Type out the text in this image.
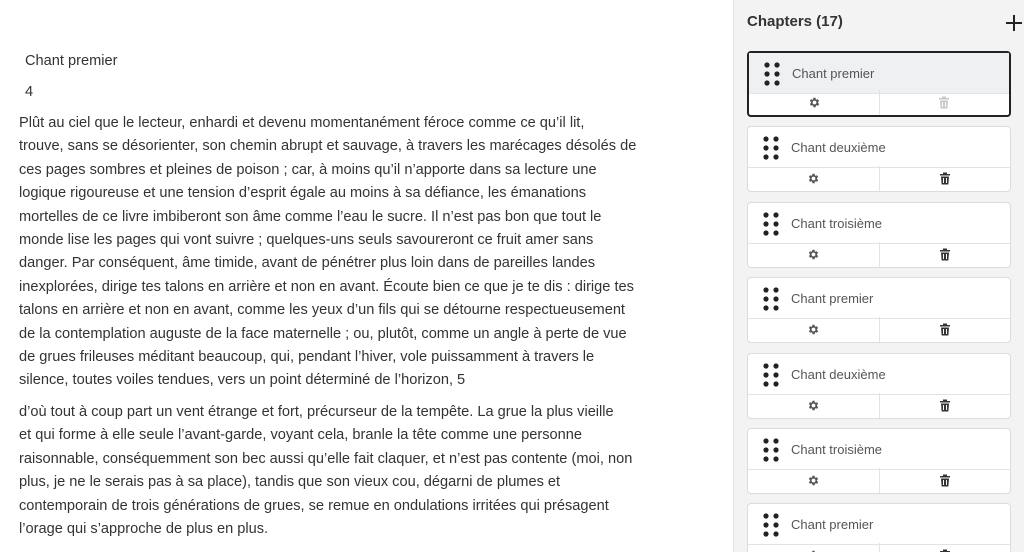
Chant premier
4
Plût au ciel que le lecteur, enhardi et devenu momentanément féroce comme ce qu’il lit,
trouve, sans se désorienter, son chemin abrupt et sauvage, à travers les marécages désolés de
ces pages sombres et pleines de poison ; car, à moins qu’il n’apporte dans sa lecture une
logique rigoureuse et une tension d’esprit égale au moins à sa défiance, les émanations
mortelles de ce livre imbiberont son âme comme l’eau le sucre. Il n’est pas bon que tout le
monde lise les pages qui vont suivre ; quelques-uns seuls savoureront ce fruit amer sans
danger. Par conséquent, âme timide, avant de pénétrer plus loin dans de pareilles landes
inexplorées, dirige tes talons en arrière et non en avant. Écoute bien ce que je te dis : dirige tes
talons en arrière et non en avant, comme les yeux d’un fils qui se détourne respectueusement
de la contemplation auguste de la face maternelle ; ou, plutôt, comme un angle à perte de vue
de grues frileuses méditant beaucoup, qui, pendant l’hiver, vole puissamment à travers le
silence, toutes voiles tendues, vers un point déterminé de l’horizon, 5
d’où tout à coup part un vent étrange et fort, précurseur de la tempête. La grue la plus vieille
et qui forme à elle seule l’avant-garde, voyant cela, branle la tête comme une personne
raisonnable, conséquemment son bec aussi qu’elle fait claquer, et n’est pas contente (moi, non
plus, je ne le serais pas à sa place), tandis que son vieux cou, dégarni de plumes et
contemporain de trois générations de grues, se remue en ondulations irritées qui présagent
l’orage qui s’approche de plus en plus.
Chapters (17)
Chant premier
Chant deuxième
Chant troisième
Chant premier
Chant deuxième
Chant troisième
Chant premier
